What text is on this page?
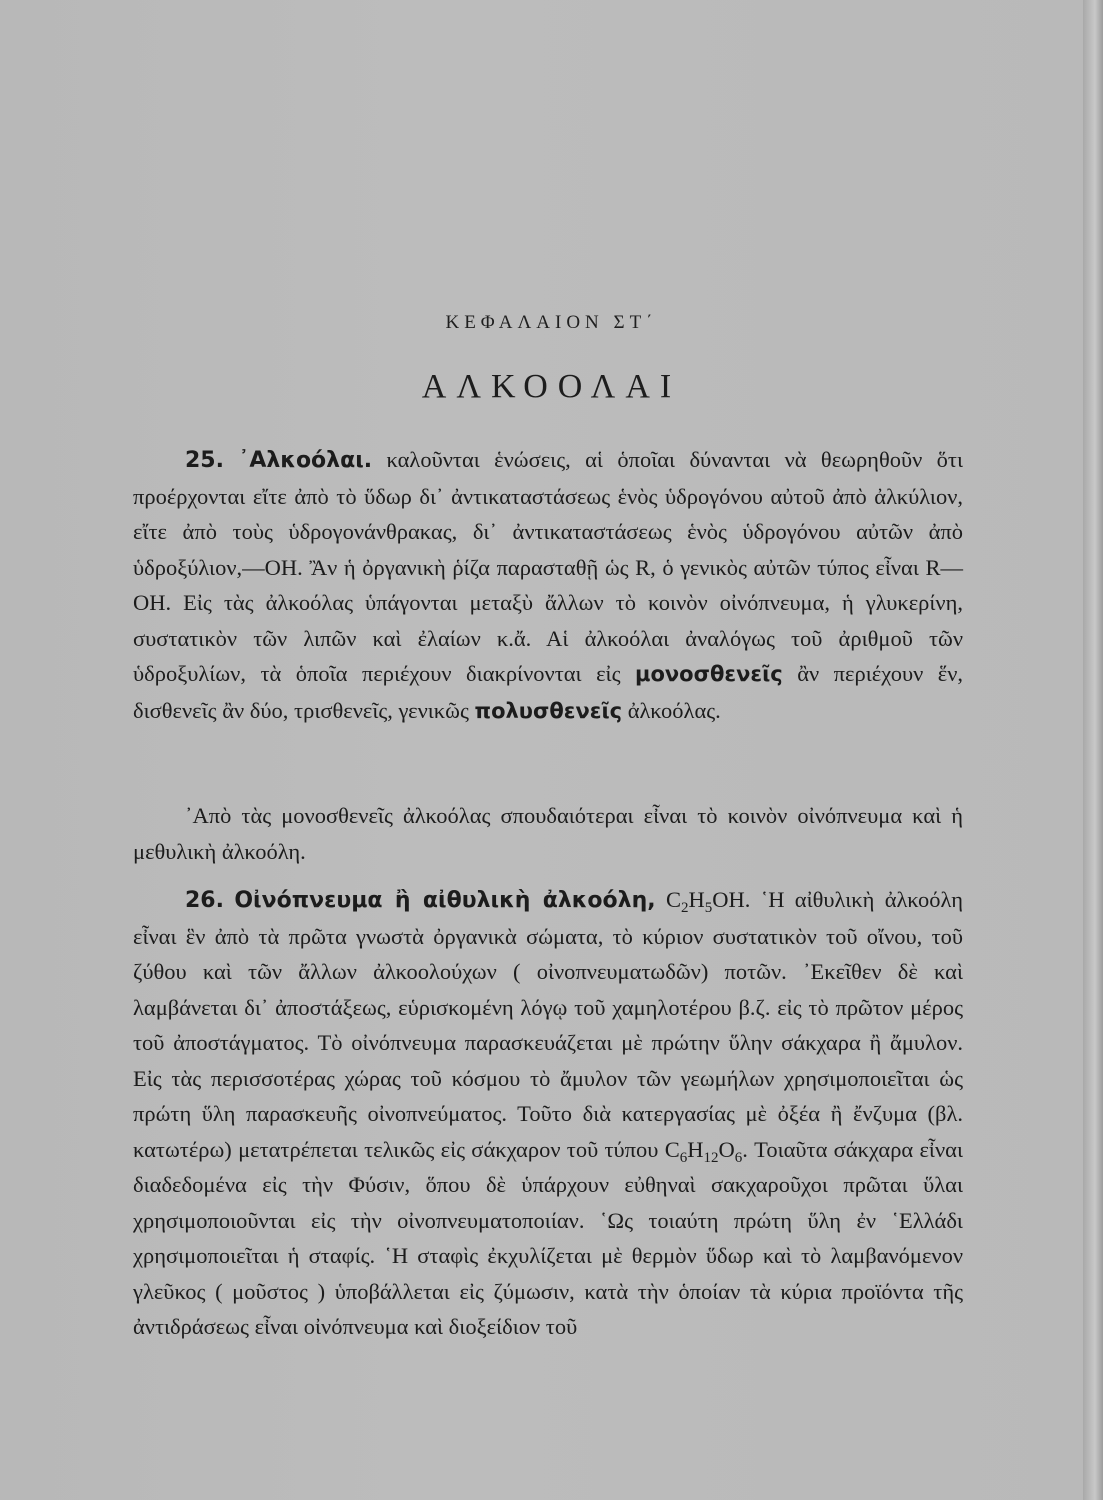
ΚΕΦΑΛΑΙΟΝ ΣΤ΄
ΑΛΚΟΟΛΑΙ
25. ᾿Αλκοόλαι. καλοῦνται ἑνώσεις, αἱ ὁποῖαι δύνανται νὰ θεωρηθοῦν ὅτι προέρχονται εἴτε ἀπὸ τὸ ὕδωρ δι᾿ ἀντικαταστάσεως ἑνὸς ὑδρογόνου αὐτοῦ ἀπὸ ἀλκύλιον, εἴτε ἀπὸ τοὺς ὑδρογονάνθρακας, δι᾿ ἀντικαταστάσεως ἑνὸς ὑδρογόνου αὐτῶν ἀπὸ ὑδροξύλιον,—ΟΗ. Ἂν ἡ ὀργανικὴ ῥίζα παρασταθῇ ὡς R, ὁ γενικὸς αὐτῶν τύπος εἶναι R—OH. Εἰς τὰς ἀλκοόλας ὑπάγονται μεταξὺ ἄλλων τὸ κοινὸν οἰνόπνευμα, ἡ γλυκερίνη, συστατικὸν τῶν λιπῶν καὶ ἐλαίων κ.ἄ. Αἱ ἀλκοόλαι ἀναλόγως τοῦ ἀριθμοῦ τῶν ὑδροξυλίων, τὰ ὁποῖα περιέχουν διακρίνονται εἰς μονοσθενεῖς ἂν περιέχουν ἕν, δισθενεῖς ἂν δύο, τρισθενεῖς, γενικῶς πολυσθενεῖς ἀλκοόλας.
᾿Απὸ τὰς μονοσθενεῖς ἀλκοόλας σπουδαιότεραι εἶναι τὸ κοινὸν οἰνόπνευμα καὶ ἡ μεθυλικὴ ἀλκοόλη.
26. Οἰνόπνευμα ἢ αἰθυλικὴ ἀλκοόλη, $C_2H_5OH$. ῾Η αἰθυλικὴ ἀλκοόλη εἶναι ἓν ἀπὸ τὰ πρῶτα γνωστὰ ὀργανικὰ σώματα, τὸ κύριον συστατικὸν τοῦ οἴνου, τοῦ ζύθου καὶ τῶν ἄλλων ἀλκοολούχων ( οἰνοπνευματωδῶν) ποτῶν. ᾿Εκεῖθεν δὲ καὶ λαμβάνεται δι᾿ ἀποστάξεως, εὑρισκομένη λόγῳ τοῦ χαμηλοτέρου β.ζ. εἰς τὸ πρῶτον μέρος τοῦ ἀποστάγματος. Τὸ οἰνόπνευμα παρασκευάζεται μὲ πρώτην ὕλην σάκχαρα ἢ ἄμυλον. Εἰς τὰς περισσοτέρας χώρας τοῦ κόσμου τὸ ἄμυλον τῶν γεωμήλων χρησιμοποιεῖται ὡς πρώτη ὕλη παρασκευῆς οἰνοπνεύματος. Τοῦτο διὰ κατεργασίας μὲ ὀξέα ἢ ἔνζυμα (βλ. κατωτέρω) μετατρέπεται τελικῶς εἰς σάκχαρον τοῦ τύπου $C_6H_{12}O_6$. Τοιαῦτα σάκχαρα εἶναι διαδεδομένα εἰς τὴν Φύσιν, ὅπου δὲ ὑπάρχουν εὐθηναὶ σακχαροῦχοι πρῶται ὕλαι χρησιμοποιοῦνται εἰς τὴν οἰνοπνευματοποιίαν. ῾Ως τοιαύτη πρώτη ὕλη ἐν ῾Ελλάδι χρησιμοποιεῖται ἡ σταφίς. ῾Η σταφὶς ἐκχυλίζεται μὲ θερμὸν ὕδωρ καὶ τὸ λαμβανόμενον γλεῦκος ( μοῦστος ) ὑποβάλλεται εἰς ζύμωσιν, κατὰ τὴν ὁποίαν τὰ κύρια προϊόντα τῆς ἀντιδράσεως εἶναι οἰνόπνευμα καὶ διοξείδιον τοῦ
